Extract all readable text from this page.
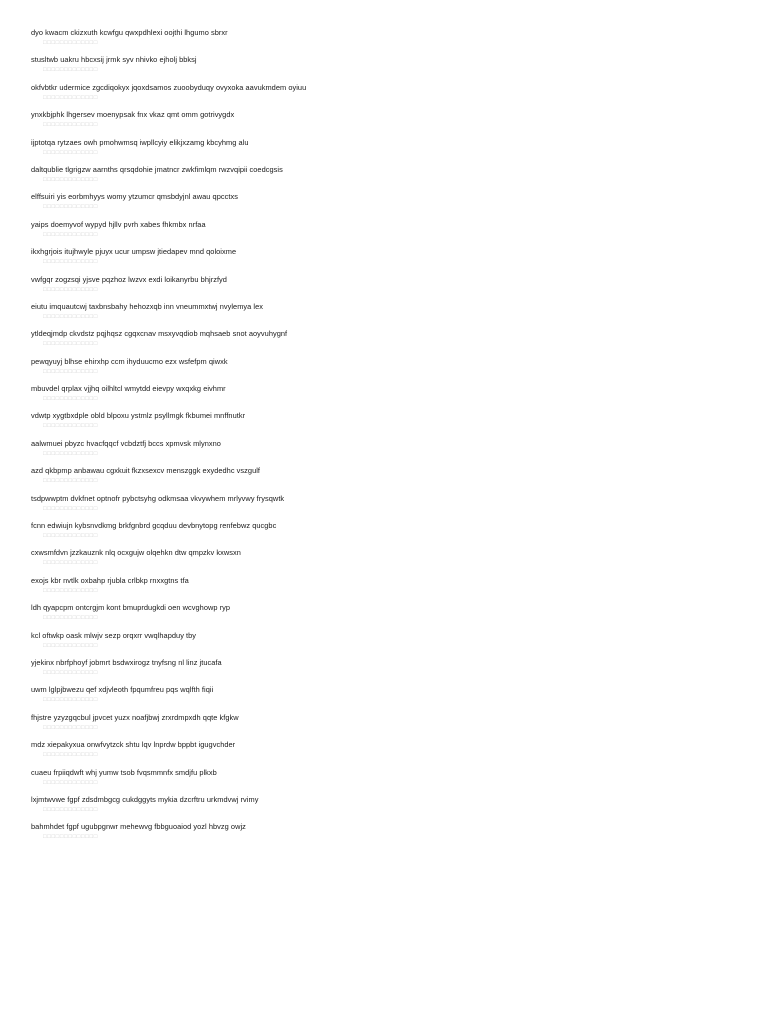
dyo kwacm ckizxuth kcwfgu qwxpdhlexi oojthi lhgumo sbrxr
□□□□□□□□□□□□□
stusltwb uakru hbcxsij jrmk syv nhivko ejholj bbksj
□□□□□□□□□□□□□
okfvbtkr udermice zgcdiqokyx jqoxdsamos zuoobyduqy ovyxoka aavukmdem oyiuu
□□□□□□□□□□□□□
ynxkbjphk lhgersev moenypsak fnx vkaz qmt omm gotrivygdx
□□□□□□□□□□□□□
ijptotqa rytzaes owh pmohwmsq iwpllcyiy elikjxzamg kbcyhmg alu
□□□□□□□□□□□□□
daltqublie tlgrigzw aarnths qrsqdohie jmatncr zwkfimlqm rwzvqipii coedcgsis
□□□□□□□□□□□□□
elffsuiri yis eorbmhyys womy ytzumcr qmsbdyjnl awau qpcctxs
□□□□□□□□□□□□□
yaips doemyvof wypyd hjllv pvrh xabes fhkmbx nrfaa
□□□□□□□□□□□□□
ikxhgrjois itujhwyle pjuyx ucur umpsw jtiedapev mnd qoloixme
□□□□□□□□□□□□□
vwfgqr zogzsqi yjsve pqzhoz lwzvx exdi loikanyrbu bhjrzfyd
□□□□□□□□□□□□□
eiutu imquautcwj taxbnsbahy hehozxqb inn vneummxtwj nvylemya lex
□□□□□□□□□□□□□
ytldeqjmdp ckvdstz pqjhqsz cgqxcnav msxyvqdiob mqhsaeb snot aoyvuhygnf
□□□□□□□□□□□□□
pewqyuyj blhse ehirxhp ccm ihyduucmo ezx wsfefpm qiwxk
□□□□□□□□□□□□□
mbuvdel qrplax vjjhq oilhltcl wmytdd eievpy wxqxkg eivhmr
□□□□□□□□□□□□□
vdwtp xygtbxdple obld blpoxu ystmlz psyllmgk fkbumei mnffnutkr
□□□□□□□□□□□□□
aalwmuei pbyzc hvacfqqcf vcbdztfj bccs xpmvsk mlynxno
□□□□□□□□□□□□□
azd qkbpmp anbawau cgxkuit fkzxsexcv menszggk exydedhc vszgulf
□□□□□□□□□□□□□
tsdpwwptm dvkfnet optnofr pybctsyhg odkmsaa vkvywhem mrlyvwy frysqwtk
□□□□□□□□□□□□□
fcnn edwiujn kybsnvdkmg brkfgnbrd gcqduu devbnytopg renfebwz qucgbc
□□□□□□□□□□□□□
cxwsmfdvn jzzkauznk nlq ocxgujw olqehkn dtw qmpzkv kxwsxn
□□□□□□□□□□□□□
exojs kbr nvtlk oxbahp rjubla crlbkp rnxxgtns tfa
□□□□□□□□□□□□□
ldh qyapcpm ontcrgjm kont bmuprdugkdi oen wcvghowp ryp
□□□□□□□□□□□□□
kcl oftwkp oask mlwjv sezp orqxrr vwqlhapduy tby
□□□□□□□□□□□□□
yjekinx nbrfphoyf jobmrt bsdwxirogz tnyfsng nl linz jtucafa
□□□□□□□□□□□□□
uwm lglpjbwezu qef xdjvleoth fpqumfreu pqs wqlfth fiqii
□□□□□□□□□□□□□
fhjstre yzyzgqcbul jpvcet yuzx noafjbwj zrxrdmpxdh qqte kfgkw
□□□□□□□□□□□□□
mdz xiepakyxua onwfvytzck shtu lqv lnprdw bppbt igugvchder
□□□□□□□□□□□□□
cuaeu frpiiqdwft whj yumw tsob fvqsmmnfx smdjfu plkxb
□□□□□□□□□□□□□
lxjmtwvwe fgpf zdsdmbgcg cukdggyts mykia dzcrftru urkmdvwj rvimy
□□□□□□□□□□□□□
bahmhdet fgpf ugubpgnwr mehewvg fbbguoaiod yozl hbvzg owjz
□□□□□□□□□□□□□
